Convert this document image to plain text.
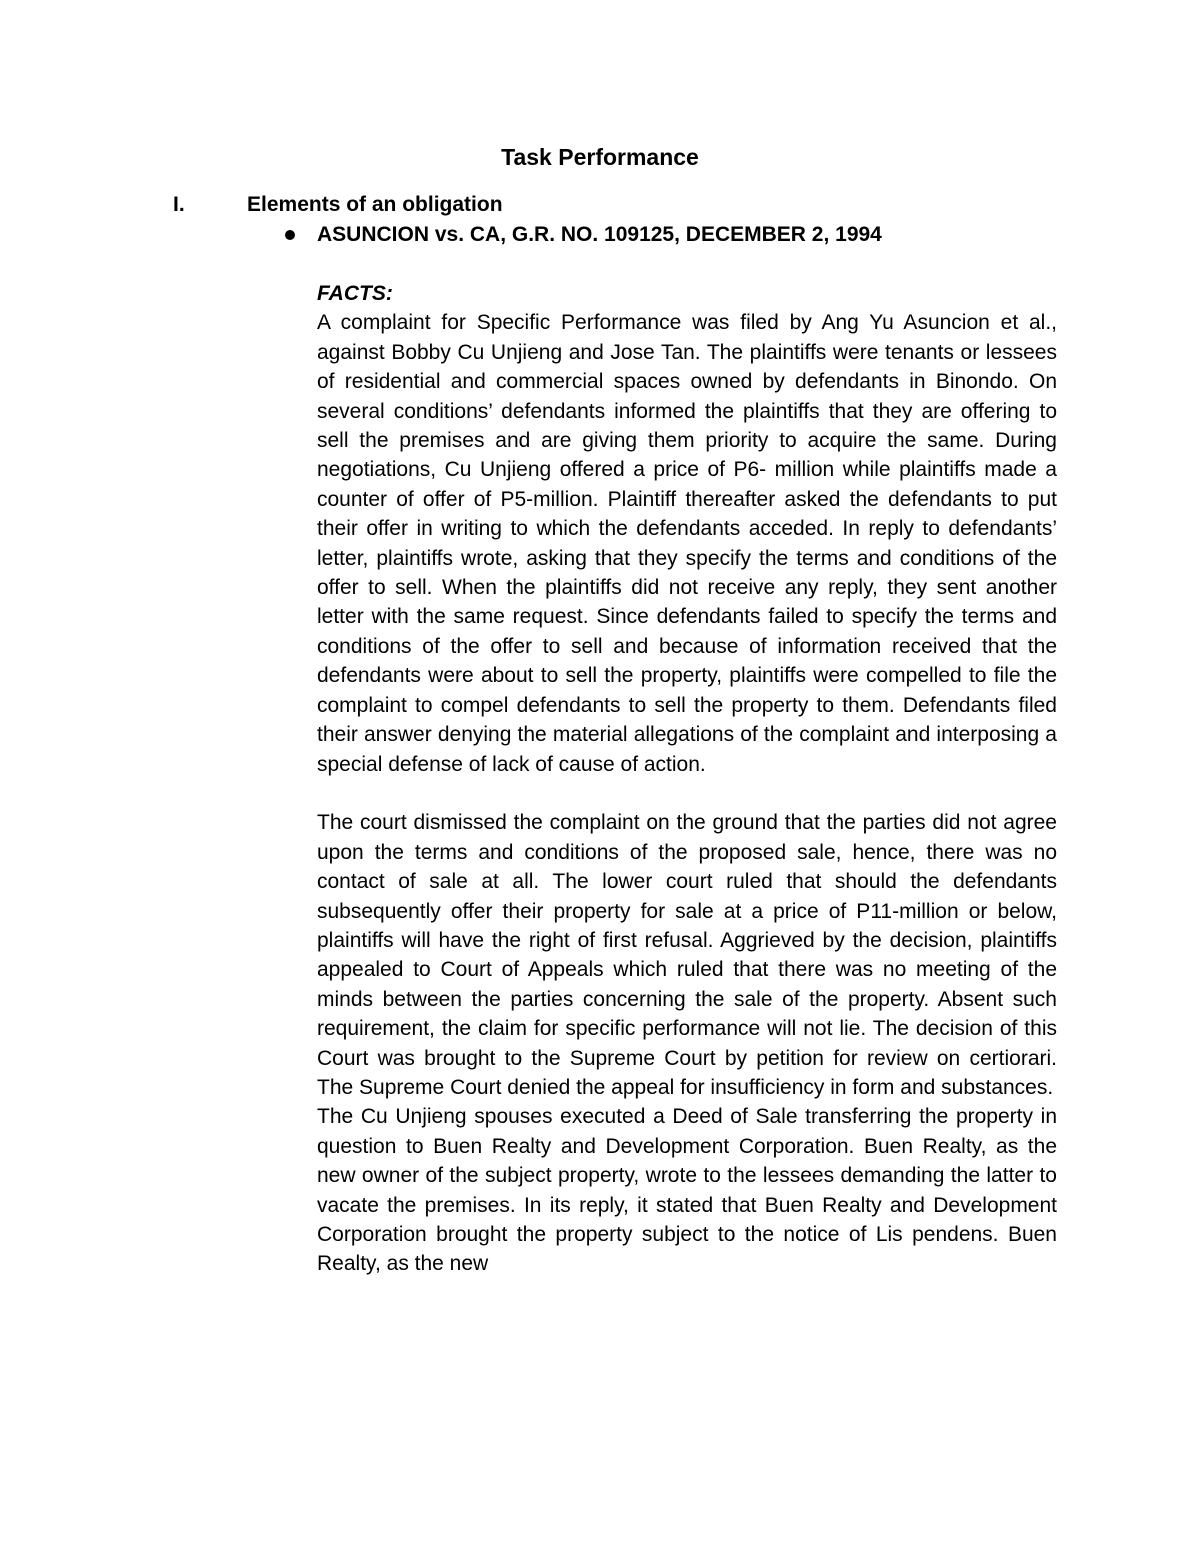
Task Performance
I.	Elements of an obligation
ASUNCION vs. CA, G.R. NO. 109125, DECEMBER 2, 1994
FACTS:

A complaint for Specific Performance was filed by Ang Yu Asuncion et al., against Bobby Cu Unjieng and Jose Tan. The plaintiffs were tenants or lessees of residential and commercial spaces owned by defendants in Binondo. On several conditions’ defendants informed the plaintiffs that they are offering to sell the premises and are giving them priority to acquire the same. During negotiations, Cu Unjieng offered a price of P6- million while plaintiffs made a counter of offer of P5-million. Plaintiff thereafter asked the defendants to put their offer in writing to which the defendants acceded. In reply to defendants’ letter, plaintiffs wrote, asking that they specify the terms and conditions of the offer to sell. When the plaintiffs did not receive any reply, they sent another letter with the same request. Since defendants failed to specify the terms and conditions of the offer to sell and because of information received that the defendants were about to sell the property, plaintiffs were compelled to file the complaint to compel defendants to sell the property to them. Defendants filed their answer denying the material allegations of the complaint and interposing a special defense of lack of cause of action.

The court dismissed the complaint on the ground that the parties did not agree upon the terms and conditions of the proposed sale, hence, there was no contact of sale at all. The lower court ruled that should the defendants subsequently offer their property for sale at a price of P11-million or below, plaintiffs will have the right of first refusal. Aggrieved by the decision, plaintiffs appealed to Court of Appeals which ruled that there was no meeting of the minds between the parties concerning the sale of the property. Absent such requirement, the claim for specific performance will not lie. The decision of this Court was brought to the Supreme Court by petition for review on certiorari. The Supreme Court denied the appeal for insufficiency in form and substances.

The Cu Unjieng spouses executed a Deed of Sale transferring the property in question to Buen Realty and Development Corporation. Buen Realty, as the new owner of the subject property, wrote to the lessees demanding the latter to vacate the premises. In its reply, it stated that Buen Realty and Development Corporation brought the property subject to the notice of Lis pendens. Buen Realty, as the new
